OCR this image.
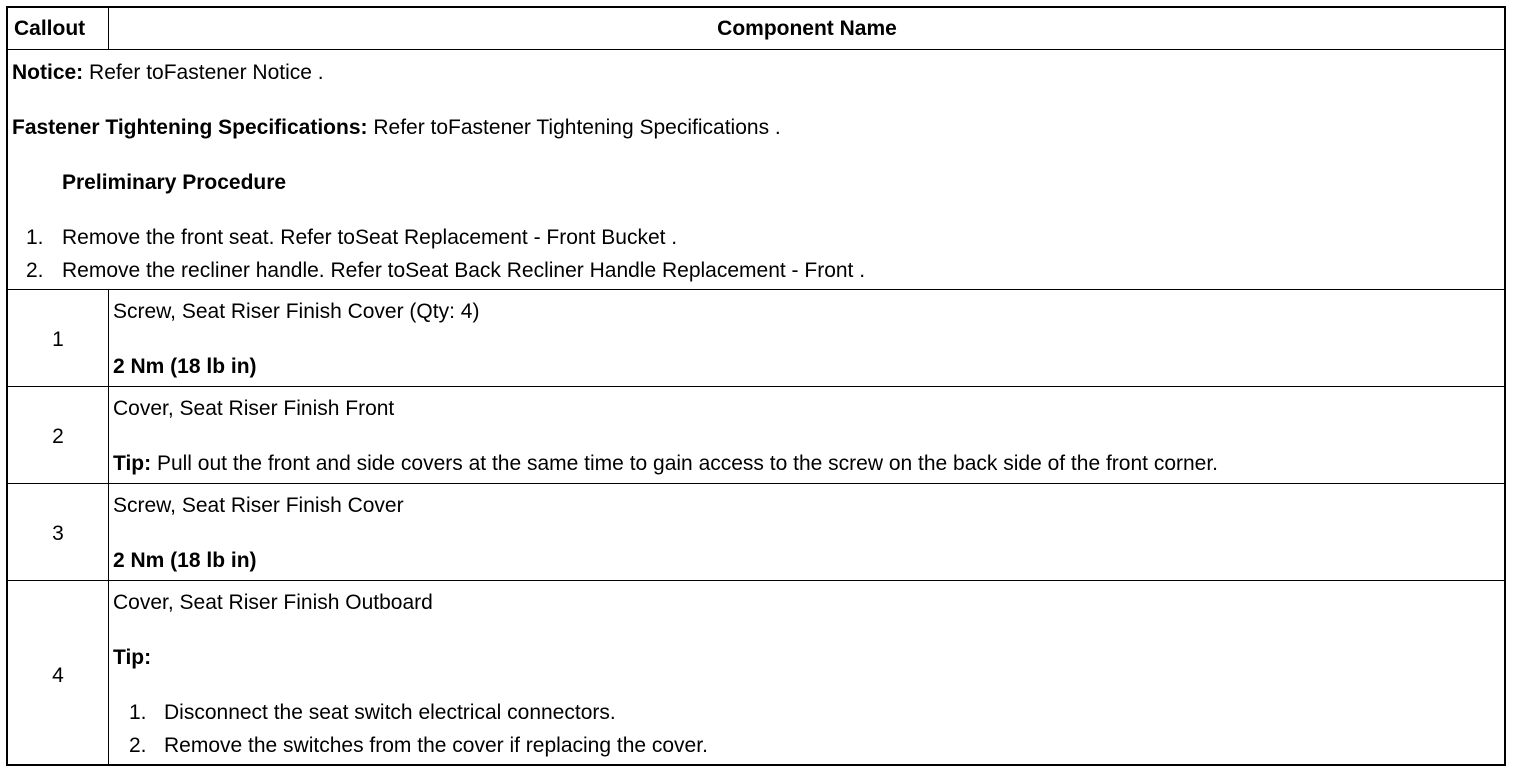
Callout	Component Name
Notice: Refer toFastener Notice .
Fastener Tightening Specifications: Refer toFastener Tightening Specifications .
Preliminary Procedure
1. Remove the front seat. Refer toSeat Replacement - Front Bucket .
2. Remove the recliner handle. Refer toSeat Back Recliner Handle Replacement - Front .
1
Screw, Seat Riser Finish Cover (Qty: 4)
2 Nm (18 lb in)
2
Cover, Seat Riser Finish Front
Tip: Pull out the front and side covers at the same time to gain access to the screw on the back side of the front corner.
3
Screw, Seat Riser Finish Cover
2 Nm (18 lb in)
4
Cover, Seat Riser Finish Outboard
Tip:
1. Disconnect the seat switch electrical connectors.
2. Remove the switches from the cover if replacing the cover.
